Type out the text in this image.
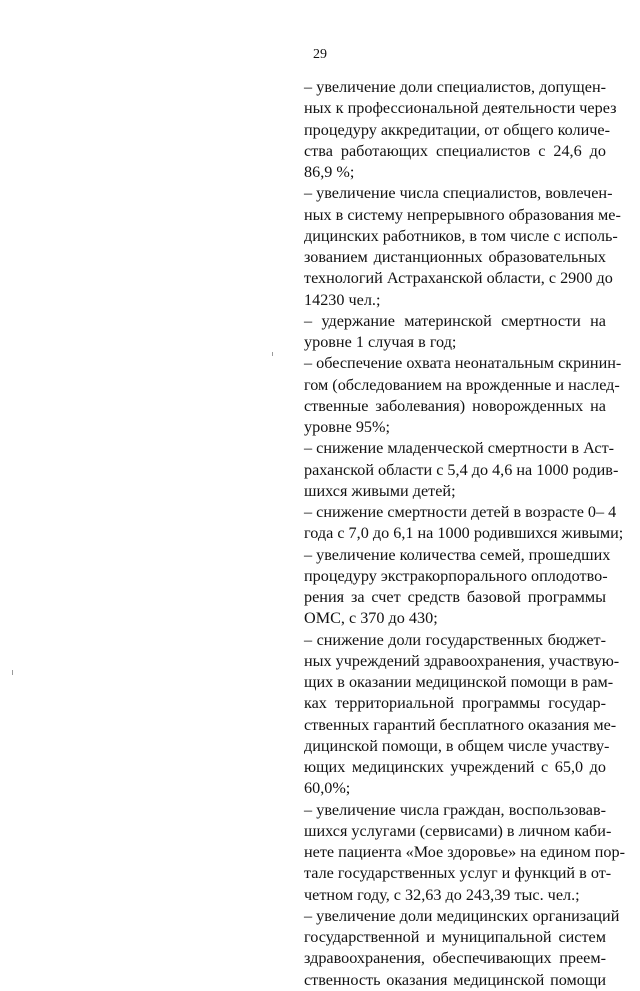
29
– увеличение доли специалистов, допущен-
ных к профессиональной деятельности через
процедуру аккредитации, от общего количе-
ства работающих специалистов с 24,6 до
86,9 %;
– увеличение числа специалистов, вовлечен-
ных в систему непрерывного образования ме-
дицинских работников, в том числе с исполь-
зованием дистанционных образовательных
технологий Астраханской области, с 2900 до
14230 чел.;
– удержание материнской смертности на
уровне 1 случая в год;
– обеспечение охвата неонатальным скринин-
гом (обследованием на врожденные и наслед-
ственные заболевания) новорожденных на
уровне 95%;
– снижение младенческой смертности в Аст-
раханской области с 5,4 до 4,6 на 1000 родив-
шихся живыми детей;
– снижение смертности детей в возрасте 0– 4
года с 7,0 до 6,1 на 1000 родившихся живыми;
– увеличение количества семей, прошедших
процедуру экстракорпорального оплодотво-
рения за счет средств базовой программы
ОМС, с 370 до 430;
– снижение доли государственных бюджет-
ных учреждений здравоохранения, участвую-
щих в оказании медицинской помощи в рам-
ках территориальной программы государ-
ственных гарантий бесплатного оказания ме-
дицинской помощи, в общем числе участву-
ющих медицинских учреждений с 65,0 до
60,0%;
– увеличение числа граждан, воспользовав-
шихся услугами (сервисами) в личном каби-
нете пациента «Мое здоровье» на едином пор-
тале государственных услуг и функций в от-
четном году, с 32,63 до 243,39 тыс. чел.;
– увеличение доли медицинских организаций
государственной и муниципальной систем
здравоохранения, обеспечивающих преем-
ственность оказания медицинской помощи
